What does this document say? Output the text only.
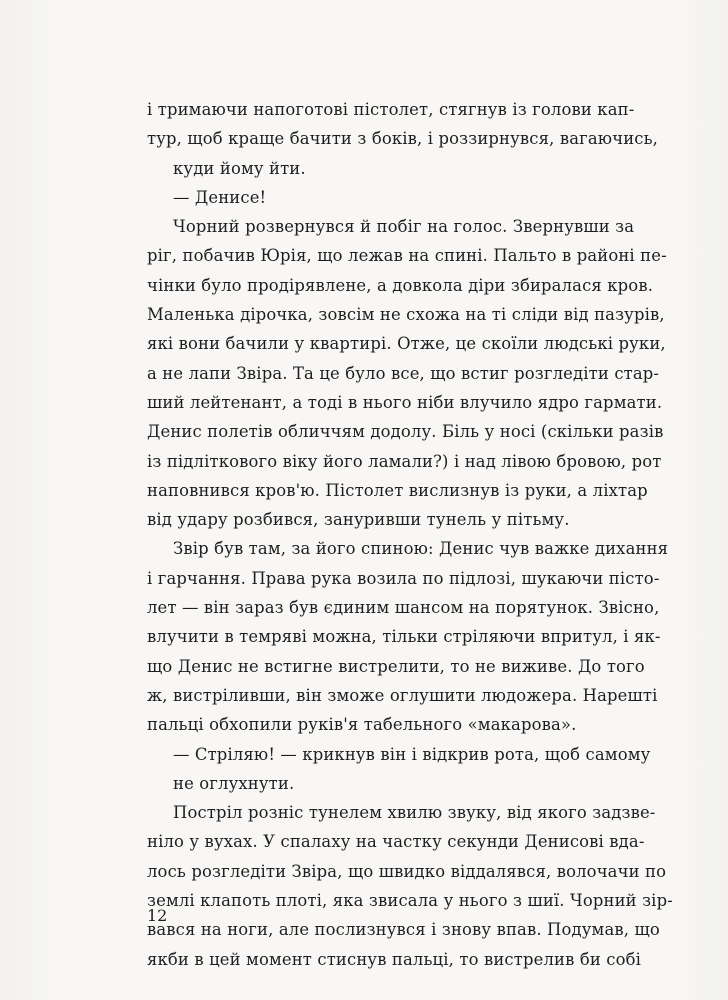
і тримаючи напоготові пістолет, стягнув із голови кап-
тур, щоб краще бачити з боків, і роззирнувся, вагаючись,
куди йому йти.
— Денисе!
Чорний розвернувся й побіг на голос. Звернувши за
ріг, побачив Юрія, що лежав на спині. Пальто в районі пе-
чінки було продірявлене, а довкола діри збиралася кров.
Маленька дірочка, зовсім не схожа на ті сліди від пазурів,
які вони бачили у квартирі. Отже, це скоїли людські руки,
а не лапи Звіра. Та це було все, що встиг розгледіти стар-
ший лейтенант, а тоді в нього ніби влучило ядро гармати.
Денис полетів обличчям додолу. Біль у носі (скільки разів
із підліткового віку його ламали?) і над лівою бровою, рот
наповнився кров'ю. Пістолет вислизнув із руки, а ліхтар
від удару розбився, зануривши тунель у пітьму.
Звір був там, за його спиною: Денис чув важке дихання
і гарчання. Права рука возила по підлозі, шукаючи пісто-
лет — він зараз був єдиним шансом на порятунок. Звісно,
влучити в темряві можна, тільки стріляючи впритул, і як-
що Денис не встигне вистрелити, то не виживе. До того
ж, вистріливши, він зможе оглушити людожера. Нарешті
пальці обхопили руків'я табельного «макарова».
— Стріляю! — крикнув він і відкрив рота, щоб самому
не оглухнути.
Постріл розніс тунелем хвилю звуку, від якого задзве-
ніло у вухах. У спалаху на частку секунди Денисові вда-
лось розгледіти Звіра, що швидко віддалявся, волочачи по
землі клапоть плоті, яка звисала у нього з шиї. Чорний зір-
вався на ноги, але послизнувся і знову впав. Подумав, що
якби в цей момент стиснув пальці, то вистрелив би собі
12
